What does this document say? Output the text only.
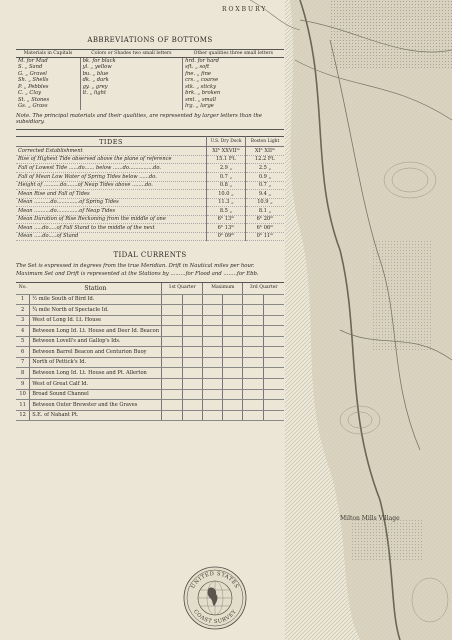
ROXBURY
Milton Mills Village
ABBREVIATIONS OF BOTTOMS
Materials in Capitals	Colors or Shades two small letters	Other qualities three small letters
M. for Mud	bk. for black	hrd. for hard
S. „ Sand	yl. „ yellow	sft. „ soft
G. „ Gravel	bu. „ blue	fne. „ fine
Sh. „ Shells	dk. „ dark	crs. „ coarse
P. „ Pebbles	gy. „ grey	stk. „ sticky
C. „ Clay	lt. „ light	brk. „ broken
St. „ Stones		sml. „ small
Gs. „ Grass		lrg. „ large
Note. The principal materials and their qualities, are represented by larger letters than the subsidiary.
TIDES	U.S. Dry Dock	Boston Light
Corrected Establishment	XIʰ XXVIIᵐ	XIʰ XIIᵐ
Rise of Highest Tide observed above the plane of reference	15.1 Ft.	12.2 Ft.
Fall of Lowest Tide ......do...... below ......do...............do.	2.9 „	2.5 „
Fall of Mean Low Water of Spring Tides below ......do.	0.7 „	0.9 „
Height of ..........do.......of Neap Tides above ........do.	0.8 „	0.7 „
Mean Rise and Fall of Tides	10.0 „	9.4 „
Mean ..........do..............of Spring Tides	11.3 „	10.9 „
Mean ..........do..............of Neap Tides	8.5 „	8.1 „
Mean Duration of Rise Reckoning from the middle of one	6ʰ 13ᵐ	6ʰ 20ᵐ
Mean .....do.....of Fall Stand to the middle of the next	6ʰ 13ᵐ	6ʰ 06ᵐ
Mean .....do.....of Stand	0ʰ 09ᵐ	0ʰ 11ᵐ
TIDAL CURRENTS
The Set is expressed in degrees from the true Meridian. Drift in Nautical miles per hour.
Maximum Set and Drift is represented at the Stations by .........for Flood and ........for Ebb.
No.	Station	1st Quarter		Maximum		3rd Quarter	
1	½ mile South of Bird Id.						
2	¾ mile North of Spectacle Id.						
3	West of Long Id. Lt. House						
4	Between Long Id. Lt. House and Deer Id. Beacon						
5	Between Lovell's and Gallop's Ids.						
6	Between Barrel Beacon and Centurion Buoy						
7	North of Pettick's Id.						
8	Between Long Id. Lt. House and Pt. Allerton						
9	West of Great Calf Id.						
10	Broad Sound Channel						
11	Between Outer Brewster and the Graves						
12	S.E. of Nahant Pt.						
UNITED STATES
COAST SURVEY
